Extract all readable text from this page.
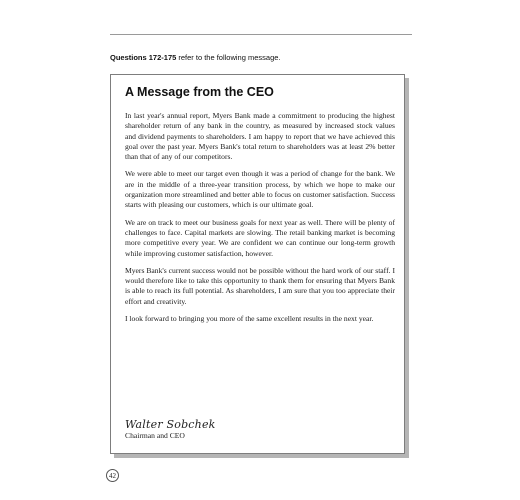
Questions 172-175 refer to the following message.
A Message from the CEO

In last year's annual report, Myers Bank made a commitment to producing the highest shareholder return of any bank in the country, as measured by increased stock values and dividend payments to shareholders. I am happy to report that we have achieved this goal over the past year. Myers Bank's total return to shareholders was at least 2% better than that of any of our competitors.

We were able to meet our target even though it was a period of change for the bank. We are in the middle of a three-year transition process, by which we hope to make our organization more streamlined and better able to focus on customer satisfaction. Success starts with pleasing our customers, which is our ultimate goal.

We are on track to meet our business goals for next year as well. There will be plenty of challenges to face. Capital markets are slowing. The retail banking market is becoming more competitive every year. We are confident we can continue our long-term growth while improving customer satisfaction, however.

Myers Bank's current success would not be possible without the hard work of our staff. I would therefore like to take this opportunity to thank them for ensuring that Myers Bank is able to reach its full potential. As shareholders, I am sure that you too appreciate their effort and creativity.

I look forward to bringing you more of the same excellent results in the next year.

Walter Sobchek
Chairman and CEO
42
